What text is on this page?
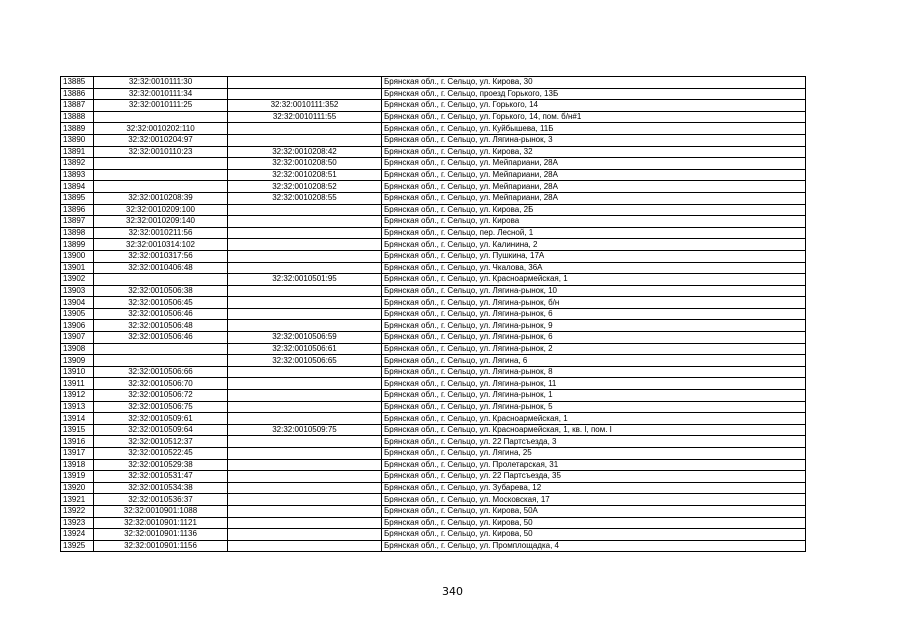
13885	32:32:0010111:30		Брянская обл., г. Сельцо, ул. Кирова, 30
13886	32:32:0010111:34		Брянская обл., г. Сельцо, проезд Горького, 13Б
13887	32:32:0010111:25	32:32:0010111:352	Брянская обл., г. Сельцо, ул. Горького, 14
13888		32:32:0010111:55	Брянская обл., г. Сельцо, ул. Горького, 14, пом. б/н#1
13889	32:32:0010202:110		Брянская обл., г. Сельцо, ул. Куйбышева, 11Б
13890	32:32:0010204:97		Брянская обл., г. Сельцо, ул. Лягина-рынок, 3
13891	32:32:0010110:23	32:32:0010208:42	Брянская обл., г. Сельцо, ул. Кирова, 32
13892		32:32:0010208:50	Брянская обл., г. Сельцо, ул. Мейпариани, 28А
13893		32:32:0010208:51	Брянская обл., г. Сельцо, ул. Мейпариани, 28А
13894		32:32:0010208:52	Брянская обл., г. Сельцо, ул. Мейпариани, 28А
13895	32:32:0010208:39	32:32:0010208:55	Брянская обл., г. Сельцо, ул. Мейпариани, 28А
13896	32:32:0010209:100		Брянская обл., г. Сельцо, ул. Кирова, 2Б
13897	32:32:0010209:140		Брянская обл., г. Сельцо, ул. Кирова
13898	32:32:0010211:56		Брянская обл., г. Сельцо, пер. Лесной, 1
13899	32:32:0010314:102		Брянская обл., г. Сельцо, ул. Калинина, 2
13900	32:32:0010317:56		Брянская обл., г. Сельцо, ул. Пушкина, 17А
13901	32:32:0010406:48		Брянская обл., г. Сельцо, ул. Чкалова, 36А
13902		32:32:0010501:95	Брянская обл., г. Сельцо, ул. Красноармейская, 1
13903	32:32:0010506:38		Брянская обл., г. Сельцо, ул. Лягина-рынок, 10
13904	32:32:0010506:45		Брянская обл., г. Сельцо, ул. Лягина-рынок, б/н
13905	32:32:0010506:46		Брянская обл., г. Сельцо, ул. Лягина-рынок, 6
13906	32:32:0010506:48		Брянская обл., г. Сельцо, ул. Лягина-рынок, 9
13907	32:32:0010506:46	32:32:0010506:59	Брянская обл., г. Сельцо, ул. Лягина-рынок, 6
13908		32:32:0010506:61	Брянская обл., г. Сельцо, ул. Лягина-рынок, 2
13909		32:32:0010506:65	Брянская обл., г. Сельцо, ул. Лягина, 6
13910	32:32:0010506:66		Брянская обл., г. Сельцо, ул. Лягина-рынок, 8
13911	32:32:0010506:70		Брянская обл., г. Сельцо, ул. Лягина-рынок, 11
13912	32:32:0010506:72		Брянская обл., г. Сельцо, ул. Лягина-рынок, 1
13913	32:32:0010506:75		Брянская обл., г. Сельцо, ул. Лягина-рынок, 5
13914	32:32:0010509:61		Брянская обл., г. Сельцо, ул. Красноармейская, 1
13915	32:32:0010509:64	32:32:0010509:75	Брянская обл., г. Сельцо, ул. Красноармейская, 1, кв. I, пом. I
13916	32:32:0010512:37		Брянская обл., г. Сельцо, ул. 22 Партсъезда, 3
13917	32:32:0010522:45		Брянская обл., г. Сельцо, ул. Лягина, 25
13918	32:32:0010529:38		Брянская обл., г. Сельцо, ул. Пролетарская, 31
13919	32:32:0010531:47		Брянская обл., г. Сельцо, ул. 22 Партсъезда, 35
13920	32:32:0010534:38		Брянская обл., г. Сельцо, ул. Зубарева, 12
13921	32:32:0010536:37		Брянская обл., г. Сельцо, ул. Московская, 17
13922	32:32:0010901:1088		Брянская обл., г. Сельцо, ул. Кирова, 50А
13923	32:32:0010901:1121		Брянская обл., г. Сельцо, ул. Кирова, 50
13924	32:32:0010901:1136		Брянская обл., г. Сельцо, ул. Кирова, 50
13925	32:32:0010901:1156		Брянская обл., г. Сельцо, ул. Промплощадка, 4
340
